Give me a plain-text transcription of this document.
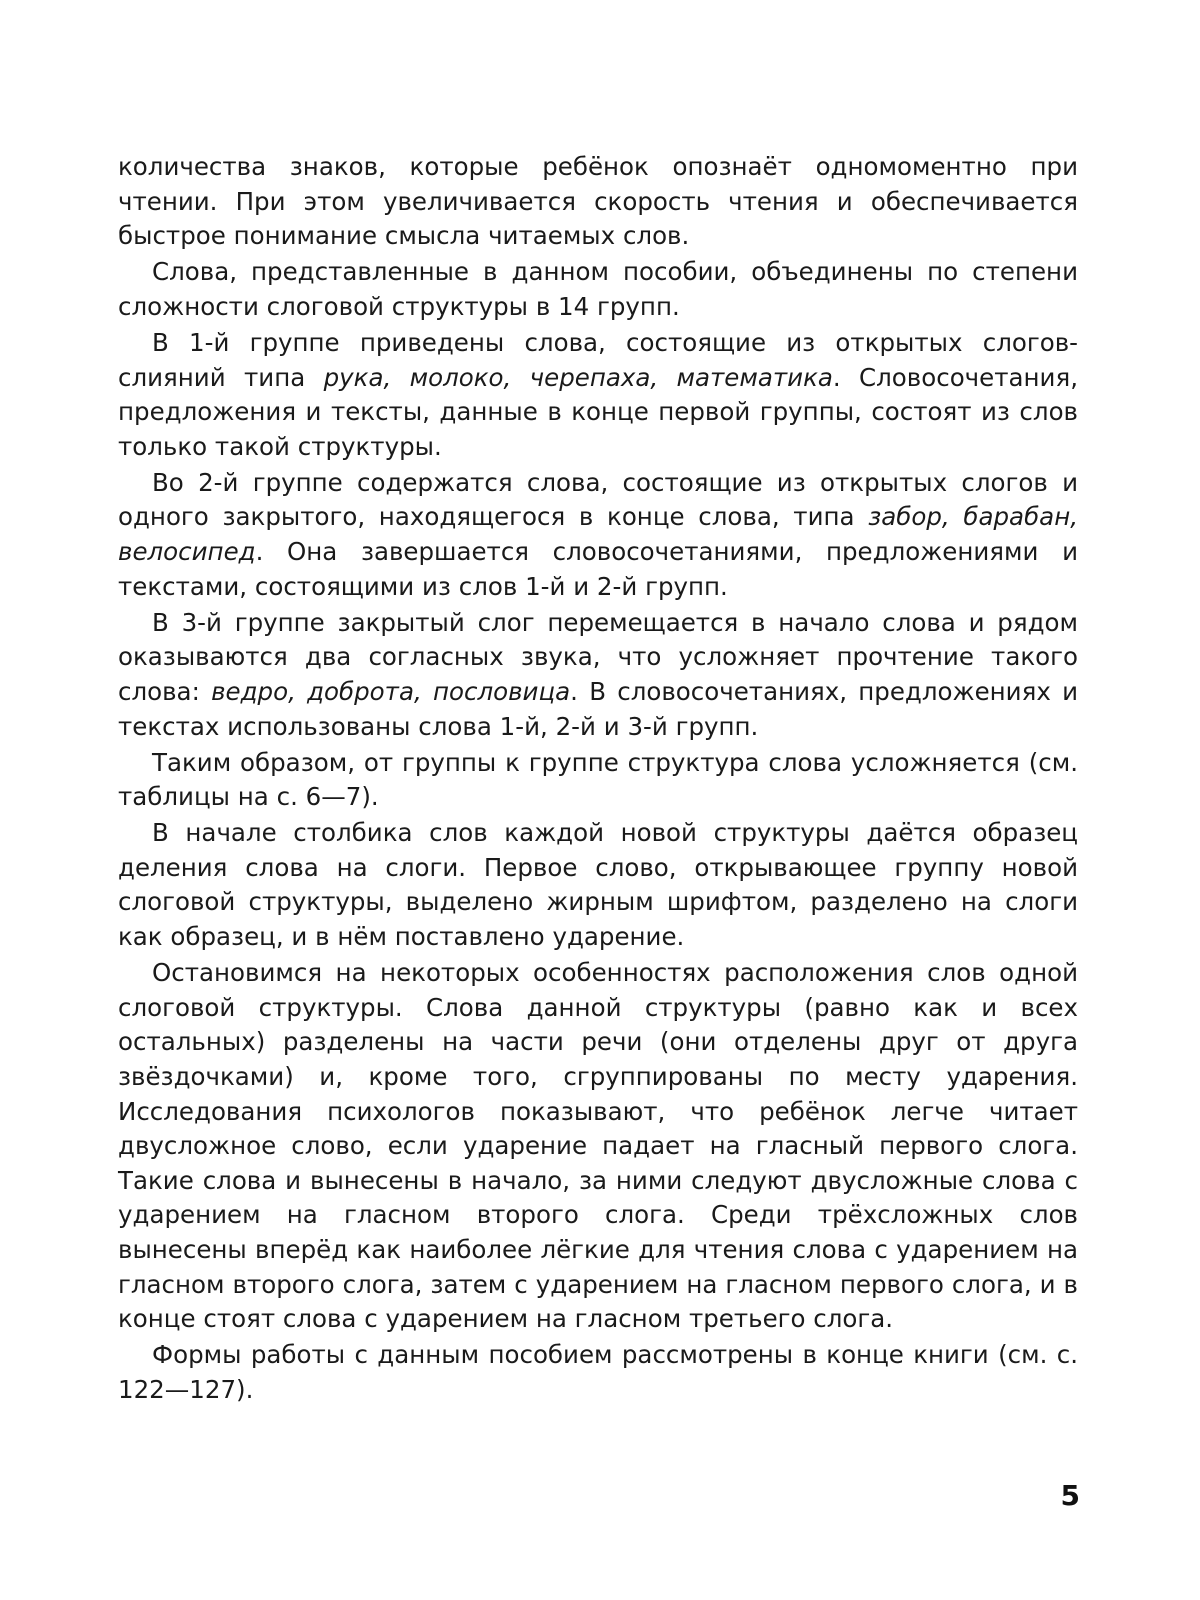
количества знаков, которые ребёнок опознаёт одномоментно при чтении. При этом увеличивается скорость чтения и обеспечивается быстрое понимание смысла читаемых слов.

Слова, представленные в данном пособии, объединены по степени сложности слоговой структуры в 14 групп.

В 1-й группе приведены слова, состоящие из открытых слогов-слияний типа рука, молоко, черепаха, математика. Словосочетания, предложения и тексты, данные в конце первой группы, состоят из слов только такой структуры.

Во 2-й группе содержатся слова, состоящие из открытых слогов и одного закрытого, находящегося в конце слова, типа забор, барабан, велосипед. Она завершается словосочетаниями, предложениями и текстами, состоящими из слов 1-й и 2-й групп.

В 3-й группе закрытый слог перемещается в начало слова и рядом оказываются два согласных звука, что усложняет прочтение такого слова: ведро, доброта, пословица. В словосочетаниях, предложениях и текстах использованы слова 1-й, 2-й и 3-й групп.

Таким образом, от группы к группе структура слова усложняется (см. таблицы на с. 6—7).

В начале столбика слов каждой новой структуры даётся образец деления слова на слоги. Первое слово, открывающее группу новой слоговой структуры, выделено жирным шрифтом, разделено на слоги как образец, и в нём поставлено ударение.

Остановимся на некоторых особенностях расположения слов одной слоговой структуры. Слова данной структуры (равно как и всех остальных) разделены на части речи (они отделены друг от друга звёздочками) и, кроме того, сгруппированы по месту ударения. Исследования психологов показывают, что ребёнок легче читает двусложное слово, если ударение падает на гласный первого слога. Такие слова и вынесены в начало, за ними следуют двусложные слова с ударением на гласном второго слога. Среди трёхсложных слов вынесены вперёд как наиболее лёгкие для чтения слова с ударением на гласном второго слога, затем с ударением на гласном первого слога, и в конце стоят слова с ударением на гласном третьего слога.

Формы работы с данным пособием рассмотрены в конце книги (см. с. 122—127).

5
